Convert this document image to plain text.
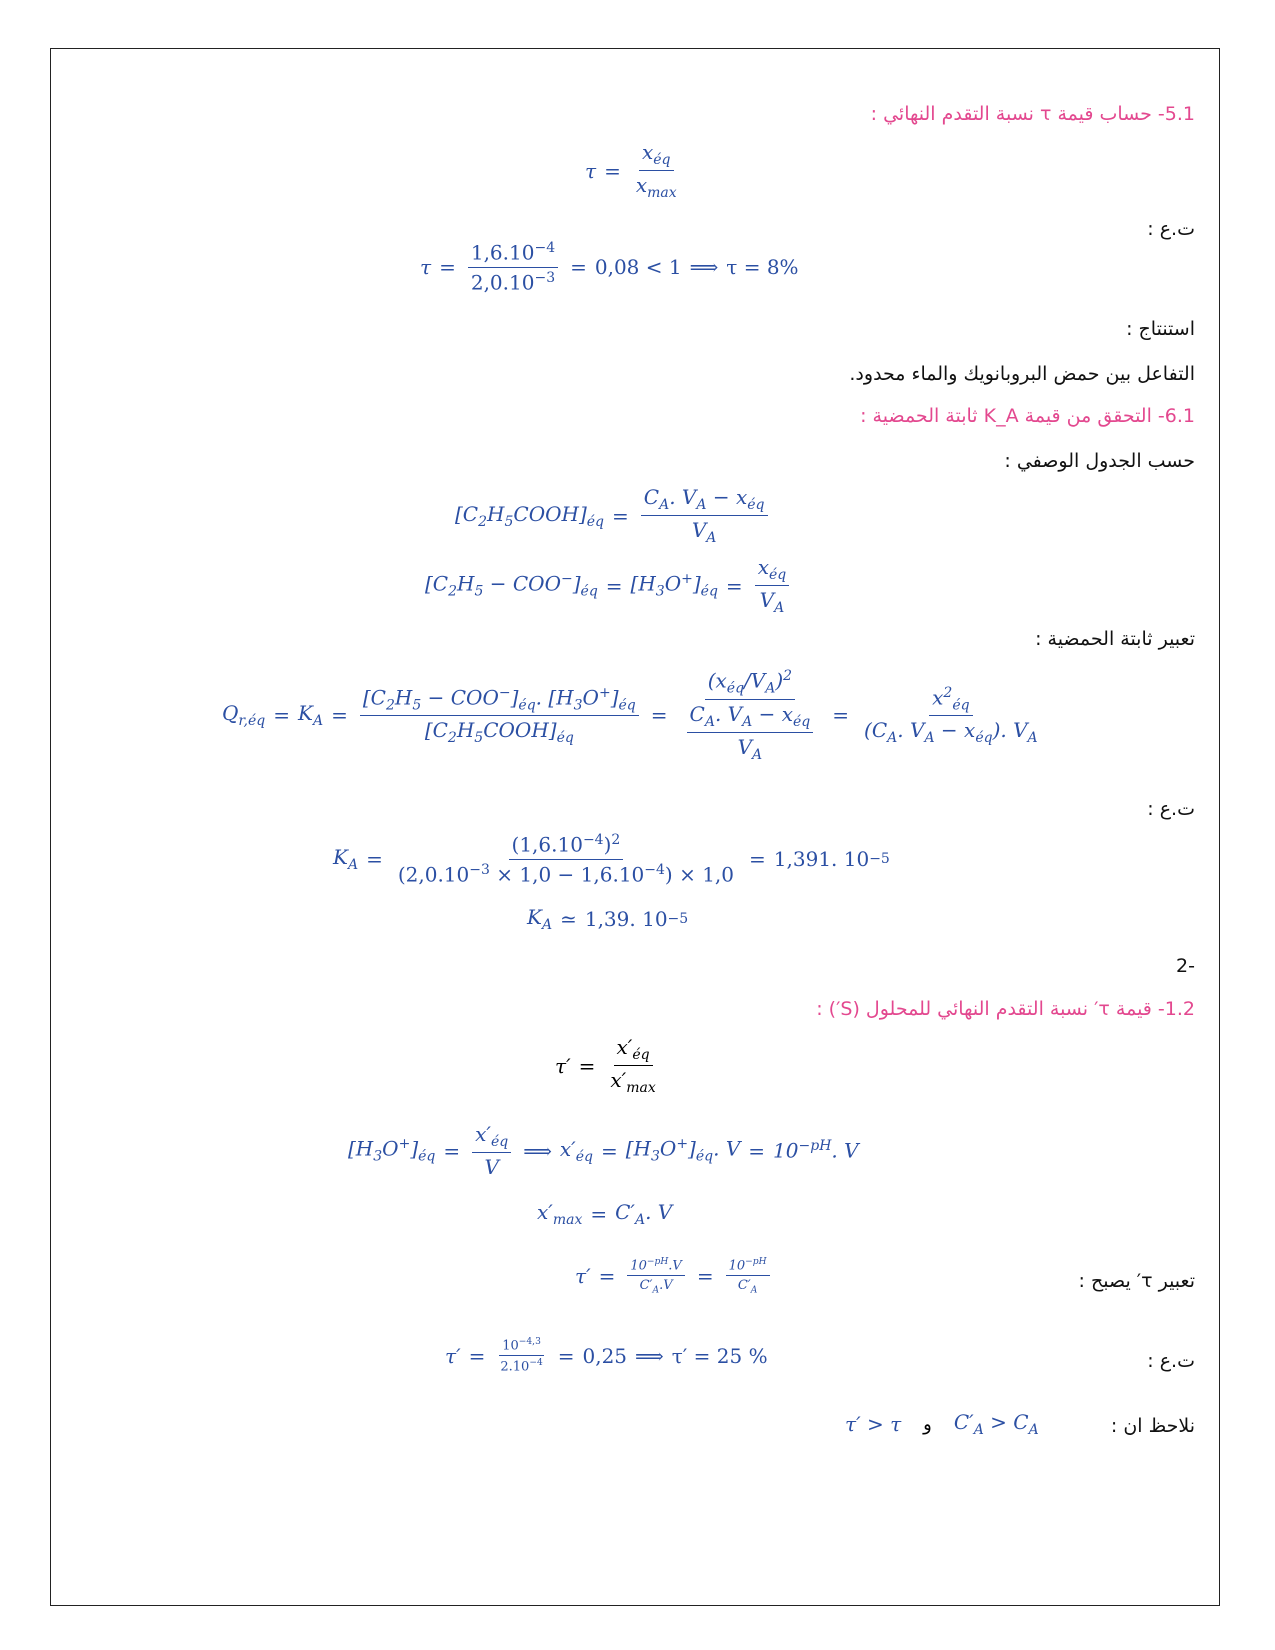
5.1- حساب قيمة τ نسبة التقدم النهائي :
$\tau = \frac{x_{éq}}{x_{max}}$
ت.ع :
$\tau = \frac{1,6.10^{-4}}{2,0.10^{-3}} = 0,08 < 1$ ⟹ τ = 8%
استنتاج :
التفاعل بين حمض البروبانويك والماء محدود.
6.1- التحقق من قيمة K_A ثابتة الحمضية :
حسب الجدول الوصفي :
$[C_2H_5COOH]_{éq} = \frac{C_A. V_A - x_{éq}}{V_A}$
$[C_2H_5 - COO^-]_{éq} = [H_3O^+]_{éq} = \frac{x_{éq}}{V_A}$
تعبير ثابتة الحمضية :
$Q_{r,éq} = K_A = \frac{[C_2H_5 - COO^-]_{éq}. [H_3O^+]_{éq}}{[C_2H_5COOH]_{éq}} = \frac{(x_{éq}/V_A)^2}{\frac{C_A. V_A - x_{éq}}{V_A}} = \frac{x^2_{éq}}{(C_A. V_A - x_{éq}). V_A}$
ت.ع :
$K_A = \frac{(1,6.10^{-4})^2}{(2,0.10^{-3} \times 1,0 - 1,6.10^{-4}) \times 1,0} = 1,391$. 10 −5
$K_A$ ≃ 1,39. 10 −5
-2
1.2- قيمة τ′ نسبة التقدم النهائي للمحلول (S′) :
$\tau' = \frac{x'_{éq}}{x'_{max}}$
$[H_3O^+]_{éq} = \frac{x'_{éq}}{V}$ ⟹ $x'_{éq} = [H_3O^+]_{éq}$. $V = 10^{-pH}$. V
$x'_{max} = C'_A$. V
تعبير τ′ يصبح :
$\tau' = \frac{10^{-pH}.V}{C'_A.V} = \frac{10^{-pH}}{C'_A}$
ت.ع :
$\tau' = \frac{10^{-4,3}}{2.10^{-4}} = 0,25$ ⟹ τ′ = 25 %
نلاحظ ان :
τ′ > τ و $C'_A > C_A$
